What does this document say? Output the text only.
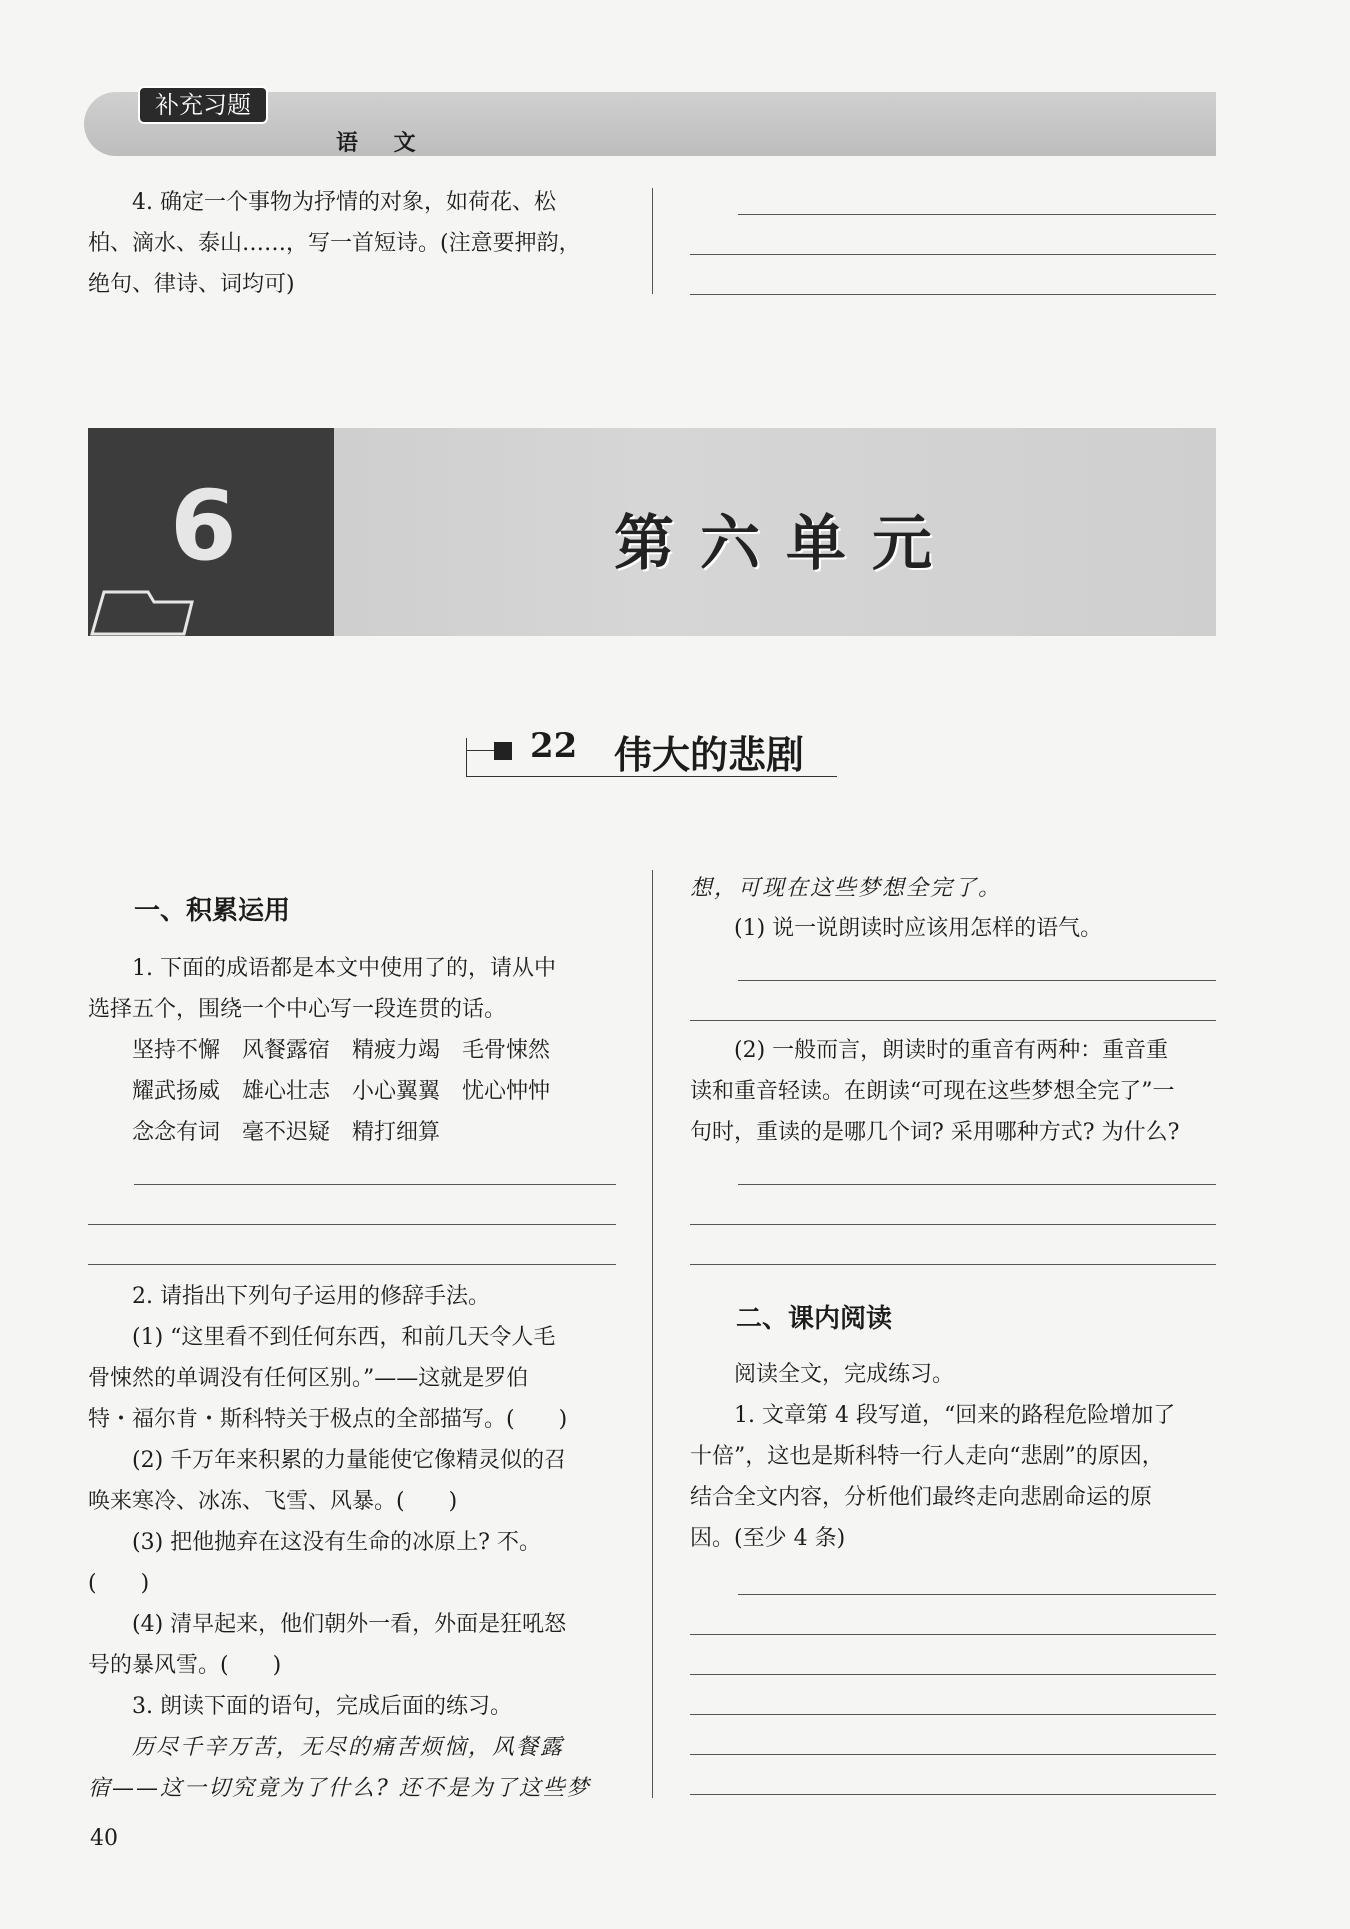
补充习题
语 文
4. 确定一个事物为抒情的对象，如荷花、松
柏、滴水、泰山……，写一首短诗。(注意要押韵，
绝句、律诗、词均可)
6	第六单元
22 伟大的悲剧
一、积累运用
1. 下面的成语都是本文中使用了的，请从中
选择五个，围绕一个中心写一段连贯的话。
坚持不懈　风餐露宿　精疲力竭　毛骨悚然
耀武扬威　雄心壮志　小心翼翼　忧心忡忡
念念有词　毫不迟疑　精打细算
2. 请指出下列句子运用的修辞手法。
(1) “这里看不到任何东西，和前几天令人毛
骨悚然的单调没有任何区别。”——这就是罗伯
特・福尔肯・斯科特关于极点的全部描写。(　　)
(2) 千万年来积累的力量能使它像精灵似的召
唤来寒冷、冰冻、飞雪、风暴。(　　)
(3) 把他抛弃在这没有生命的冰原上? 不。
(　　)
(4) 清早起来，他们朝外一看，外面是狂吼怒
号的暴风雪。(　　)
3. 朗读下面的语句，完成后面的练习。
历尽千辛万苦，无尽的痛苦烦恼，风餐露
宿——这一切究竟为了什么? 还不是为了这些梦
想，可现在这些梦想全完了。
(1) 说一说朗读时应该用怎样的语气。
(2) 一般而言，朗读时的重音有两种：重音重
读和重音轻读。在朗读“可现在这些梦想全完了”一
句时，重读的是哪几个词? 采用哪种方式? 为什么?
二、课内阅读
阅读全文，完成练习。
1. 文章第 4 段写道，“回来的路程危险增加了
十倍”，这也是斯科特一行人走向“悲剧”的原因，
结合全文内容，分析他们最终走向悲剧命运的原
因。(至少 4 条)
40
